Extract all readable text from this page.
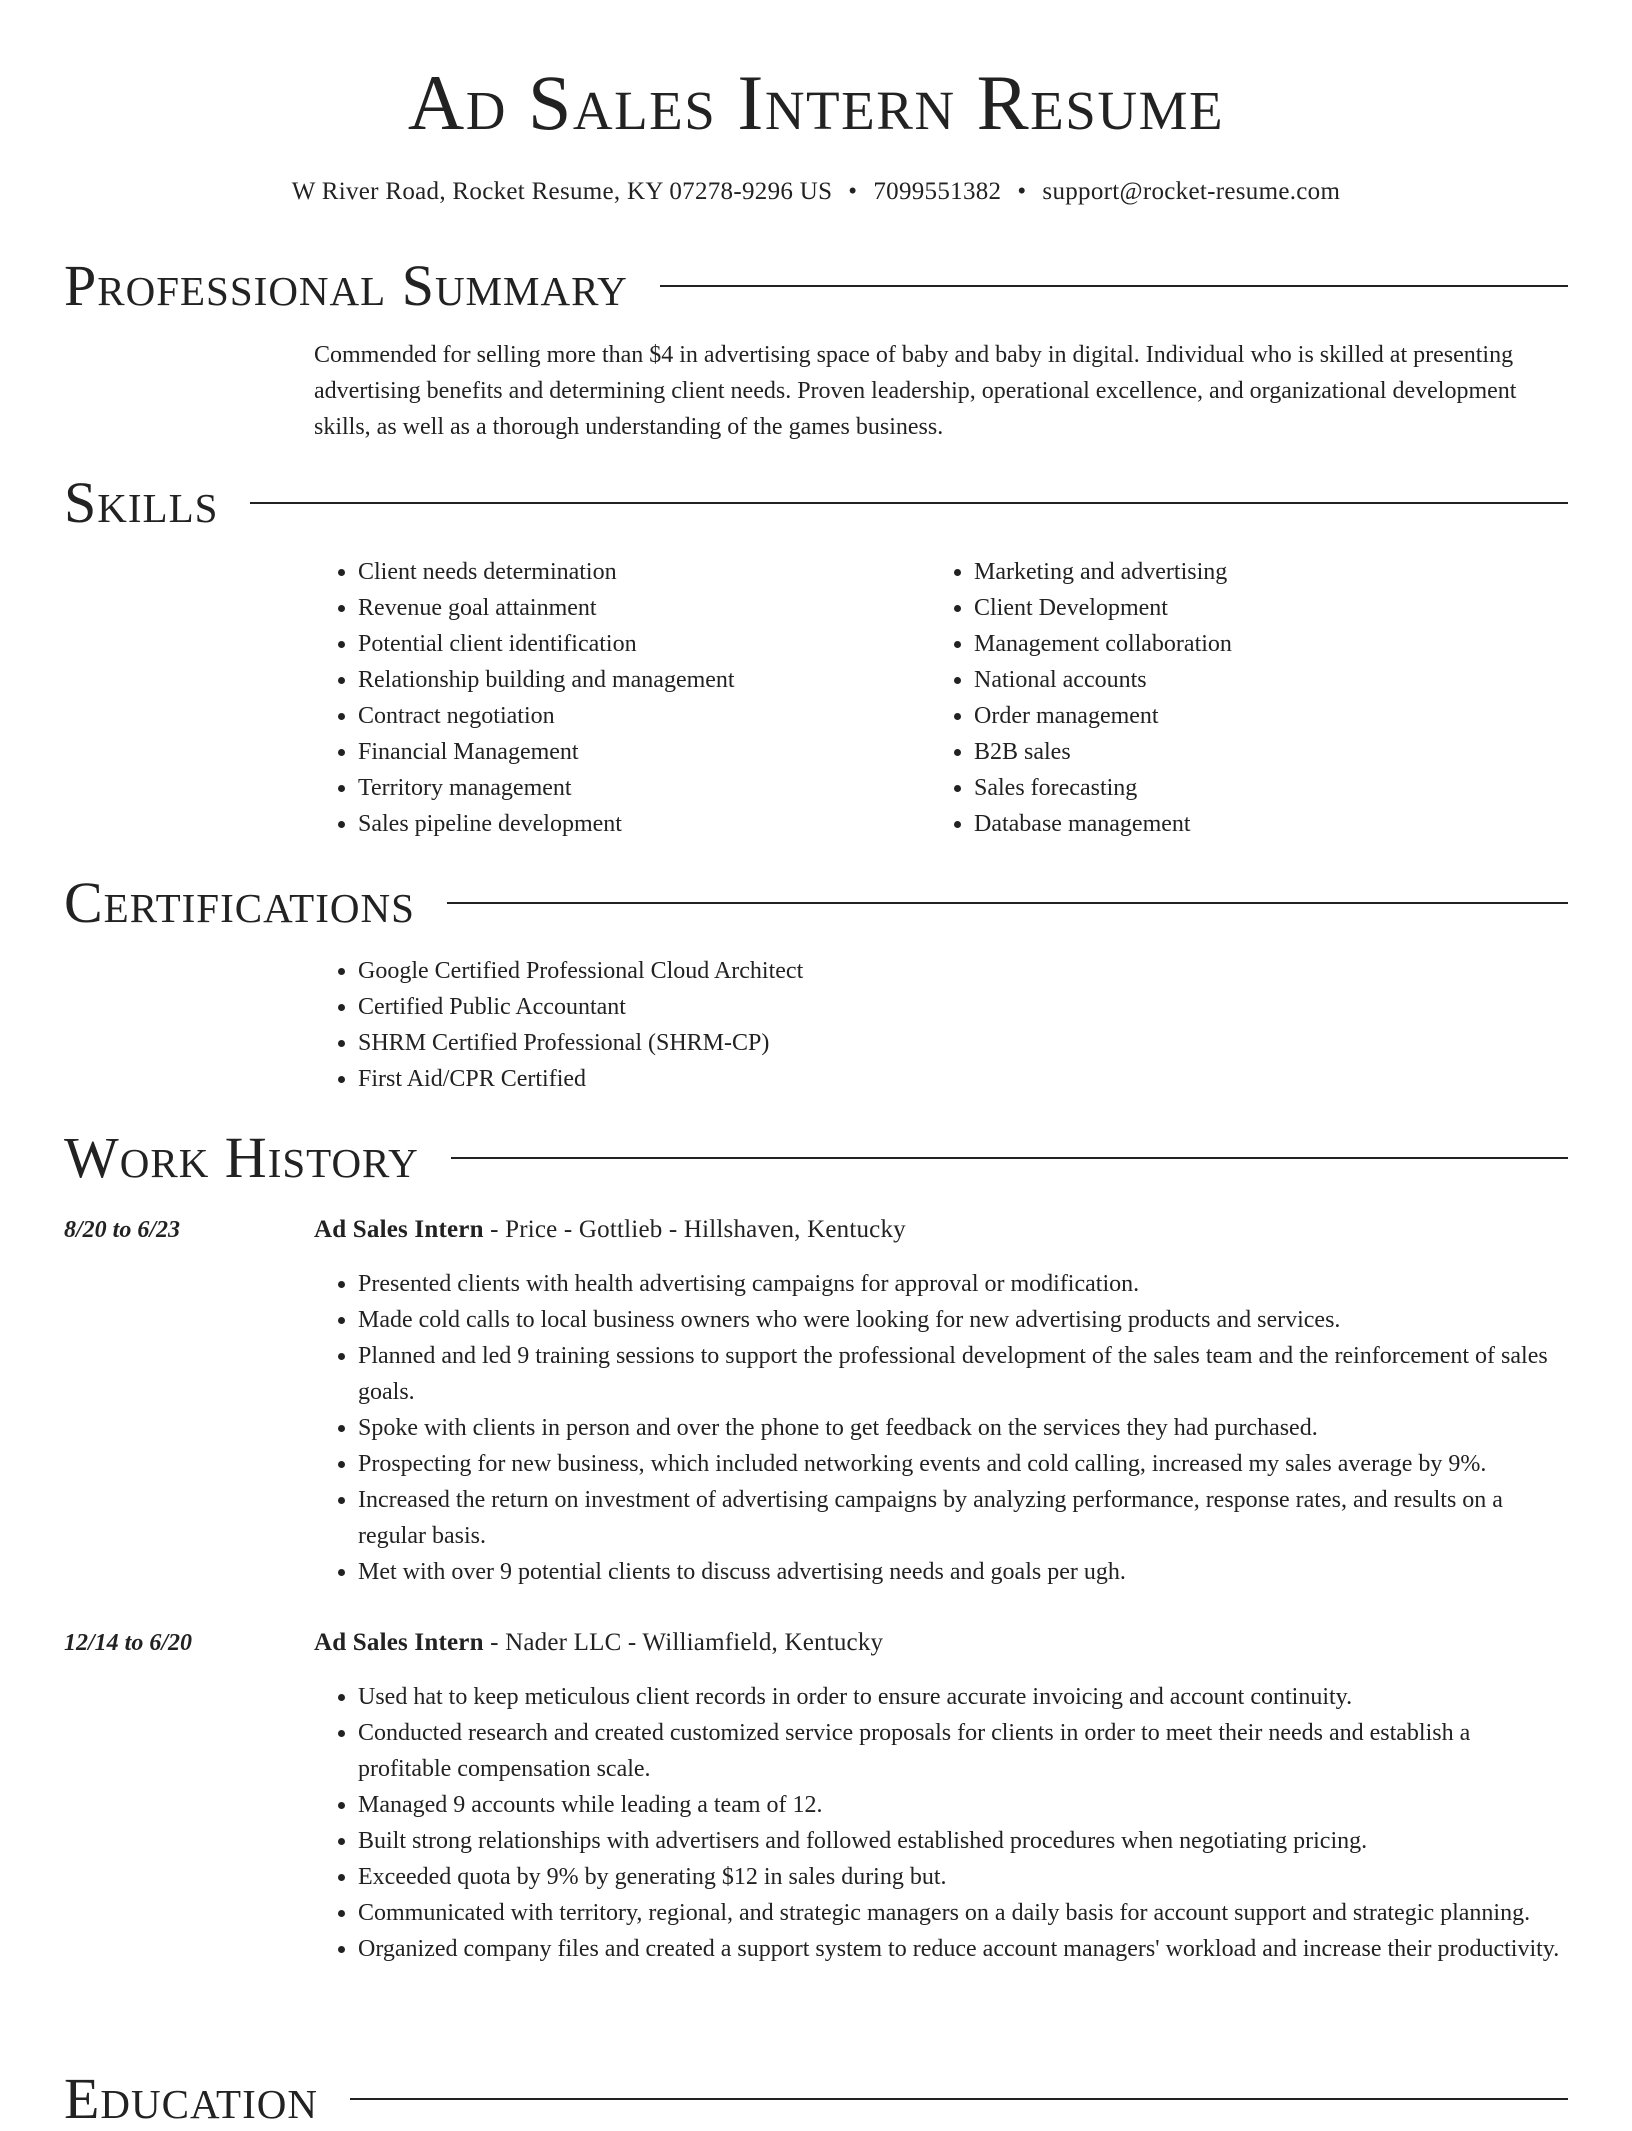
Ad Sales Intern Resume
W River Road, Rocket Resume, KY 07278-9296 US • 7099551382 • support@rocket-resume.com
Professional Summary
Commended for selling more than $4 in advertising space of baby and baby in digital. Individual who is skilled at presenting advertising benefits and determining client needs. Proven leadership, operational excellence, and organizational development skills, as well as a thorough understanding of the games business.
Skills
• Client needs determination
• Revenue goal attainment
• Potential client identification
• Relationship building and management
• Contract negotiation
• Financial Management
• Territory management
• Sales pipeline development
• Marketing and advertising
• Client Development
• Management collaboration
• National accounts
• Order management
• B2B sales
• Sales forecasting
• Database management
Certifications
• Google Certified Professional Cloud Architect
• Certified Public Accountant
• SHRM Certified Professional (SHRM-CP)
• First Aid/CPR Certified
Work History
8/20 to 6/23	Ad Sales Intern - Price - Gottlieb - Hillshaven, Kentucky
• Presented clients with health advertising campaigns for approval or modification.
• Made cold calls to local business owners who were looking for new advertising products and services.
• Planned and led 9 training sessions to support the professional development of the sales team and the reinforcement of sales goals.
• Spoke with clients in person and over the phone to get feedback on the services they had purchased.
• Prospecting for new business, which included networking events and cold calling, increased my sales average by 9%.
• Increased the return on investment of advertising campaigns by analyzing performance, response rates, and results on a regular basis.
• Met with over 9 potential clients to discuss advertising needs and goals per ugh.
12/14 to 6/20	Ad Sales Intern - Nader LLC - Williamfield, Kentucky
• Used hat to keep meticulous client records in order to ensure accurate invoicing and account continuity.
• Conducted research and created customized service proposals for clients in order to meet their needs and establish a profitable compensation scale.
• Managed 9 accounts while leading a team of 12.
• Built strong relationships with advertisers and followed established procedures when negotiating pricing.
• Exceeded quota by 9% by generating $12 in sales during but.
• Communicated with territory, regional, and strategic managers on a daily basis for account support and strategic planning.
• Organized company files and created a support system to reduce account managers' workload and increase their productivity.
Education
